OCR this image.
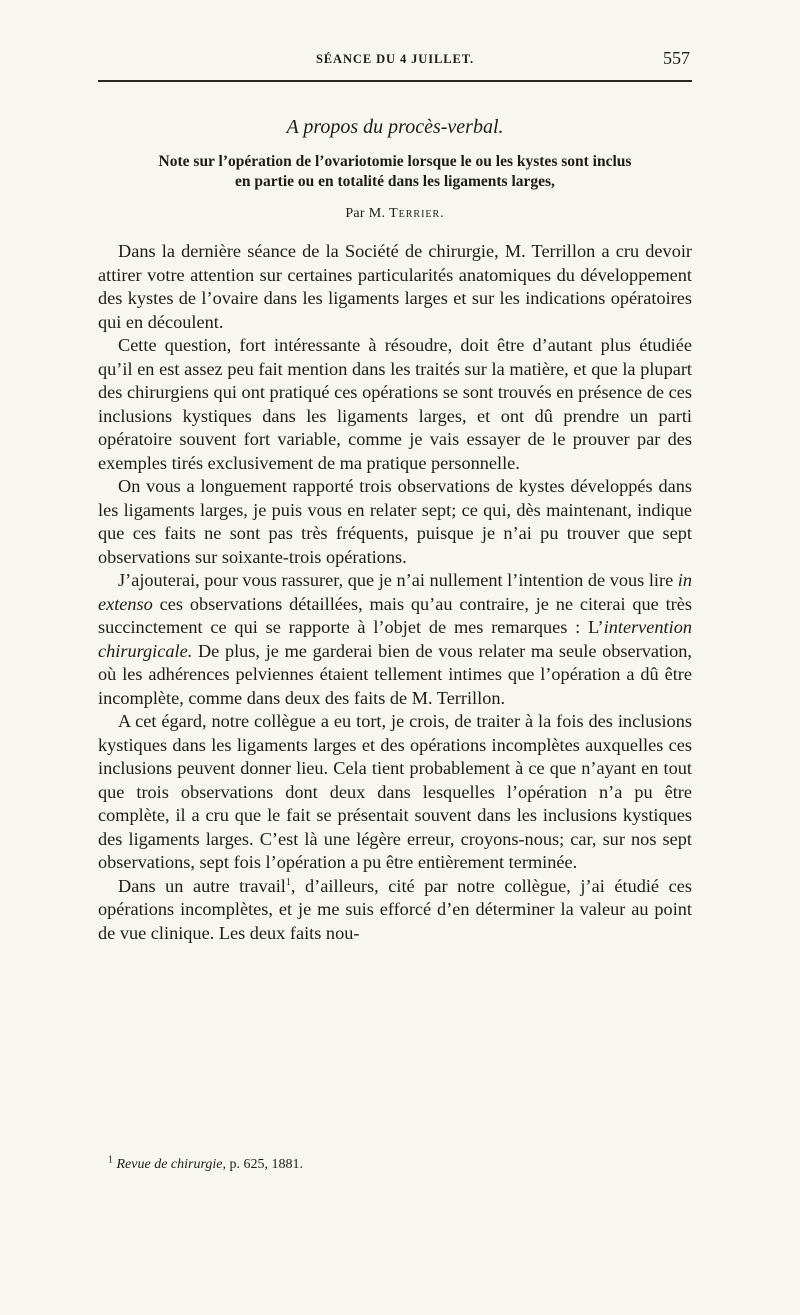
SÉANCE DU 4 JUILLET.	557
A propos du procès-verbal.
Note sur l’opération de l’ovariotomie lorsque le ou les kystes sont inclus
en partie ou en totalité dans les ligaments larges,
Par M. Terrier.

Dans la dernière séance de la Société de chirurgie, M. Terrillon a cru devoir attirer votre attention sur certaines particularités anatomiques du développement des kystes de l’ovaire dans les ligaments larges et sur les indications opératoires qui en découlent.

Cette question, fort intéressante à résoudre, doit être d’autant plus étudiée qu’il en est assez peu fait mention dans les traités sur la matière, et que la plupart des chirurgiens qui ont pratiqué ces opérations se sont trouvés en présence de ces inclusions kystiques dans les ligaments larges, et ont dû prendre un parti opératoire souvent fort variable, comme je vais essayer de le prouver par des exemples tirés exclusivement de ma pratique personnelle.

On vous a longuement rapporté trois observations de kystes développés dans les ligaments larges, je puis vous en relater sept; ce qui, dès maintenant, indique que ces faits ne sont pas très fréquents, puisque je n’ai pu trouver que sept observations sur soixante-trois opérations.

J’ajouterai, pour vous rassurer, que je n’ai nullement l’intention de vous lire in extenso ces observations détaillées, mais qu’au contraire, je ne citerai que très succinctement ce qui se rapporte à l’objet de mes remarques : L’intervention chirurgicale. De plus, je me garderai bien de vous relater ma seule observation, où les adhérences pelviennes étaient tellement intimes que l’opération a dû être incomplète, comme dans deux des faits de M. Terrillon.

A cet égard, notre collègue a eu tort, je crois, de traiter à la fois des inclusions kystiques dans les ligaments larges et des opérations incomplètes auxquelles ces inclusions peuvent donner lieu. Cela tient probablement à ce que n’ayant en tout que trois observations dont deux dans lesquelles l’opération n’a pu être complète, il a cru que le fait se présentait souvent dans les inclusions kystiques des ligaments larges. C’est là une légère erreur, croyons-nous; car, sur nos sept observations, sept fois l’opération a pu être entièrement terminée.

Dans un autre travail$^1$, d’ailleurs, cité par notre collègue, j’ai étudié ces opérations incomplètes, et je me suis efforcé d’en déterminer la valeur au point de vue clinique. Les deux faits nou-

$^1$ Revue de chirurgie, p. 625, 1881.
